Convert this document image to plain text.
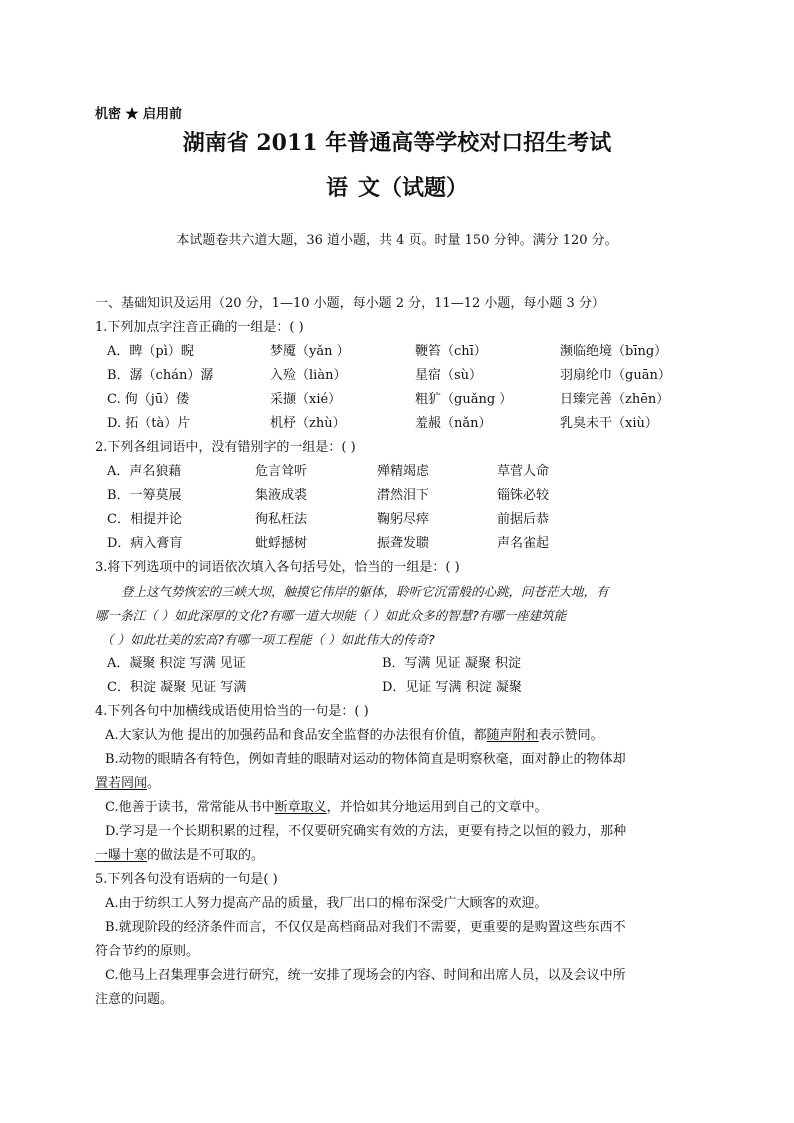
机密 ★ 启用前
湖南省 2011 年普通高等学校对口招生考试
语 文（试题）
本试题卷共六道大题，36 道小题，共 4 页。时量 150 分钟。满分 120 分。
一、基础知识及运用（20 分，1—10 小题，每小题 2 分，11—12 小题，每小题 3 分）
1.下列加点字注音正确的一组是：( )
A．睥（pì）睨	梦魇（yǎn ）	鞭笞（chī）	濒临绝境（bīng）
B．潺（chán）潺	入殓（liàn）	星宿（sù）	羽扇纶巾（guān）
C. 佝（jū）偻	采撷（xié）	粗犷（guǎng ）	日臻完善（zhēn）
D. 拓（tà）片	机杼（zhù）	羞赧（nǎn）	乳臭未干（xiù）
2.下列各组词语中，没有错别字的一组是：( )
A．声名狼藉	危言耸听	殚精竭虑	草菅人命
B．一筹莫展	集液成裘	潸然泪下	锱铢必较
C．相提并论	徇私枉法	鞠躬尽瘁	前据后恭
D．病入膏肓	蚍蜉撼树	振聋发聩	声名雀起
3.将下列选项中的词语依次填入各句括号处，恰当的一组是：( )
登上这气势恢宏的三峡大坝，触摸它伟岸的躯体，聆听它沉雷般的心跳，问苍茫大地，有
哪一条江（ ）如此深厚的文化?有哪一道大坝能（ ）如此众多的智慧?有哪一座建筑能
（ ）如此壮美的宏高?有哪一项工程能（ ）如此伟大的传奇?
A．凝聚 积淀 写满 见证	B．写满 见证 凝聚 积淀
C．积淀 凝聚 见证 写满	D．见证 写满 积淀 凝聚
4.下列各句中加横线成语使用恰当的一句是：( )
A.大家认为他 提出的加强药品和食品安全监督的办法很有价值，都随声附和表示赞同。
B.动物的眼睛各有特色，例如青蛙的眼睛对运动的物体简直是明察秋毫，面对静止的物体却
置若罔闻。
C.他善于读书，常常能从书中断章取义，并恰如其分地运用到自己的文章中。
D.学习是一个长期积累的过程，不仅要研究确实有效的方法，更要有持之以恒的毅力，那种
一曝十寒的做法是不可取的。
5.下列各句没有语病的一句是( )
A.由于纺织工人努力提高产品的质量，我厂出口的棉布深受广大顾客的欢迎。
B.就现阶段的经济条件而言，不仅仅是高档商品对我们不需要，更重要的是购置这些东西不
符合节约的原则。
C.他马上召集理事会进行研究，统一安排了现场会的内容、时间和出席人员，以及会议中所
注意的问题。
